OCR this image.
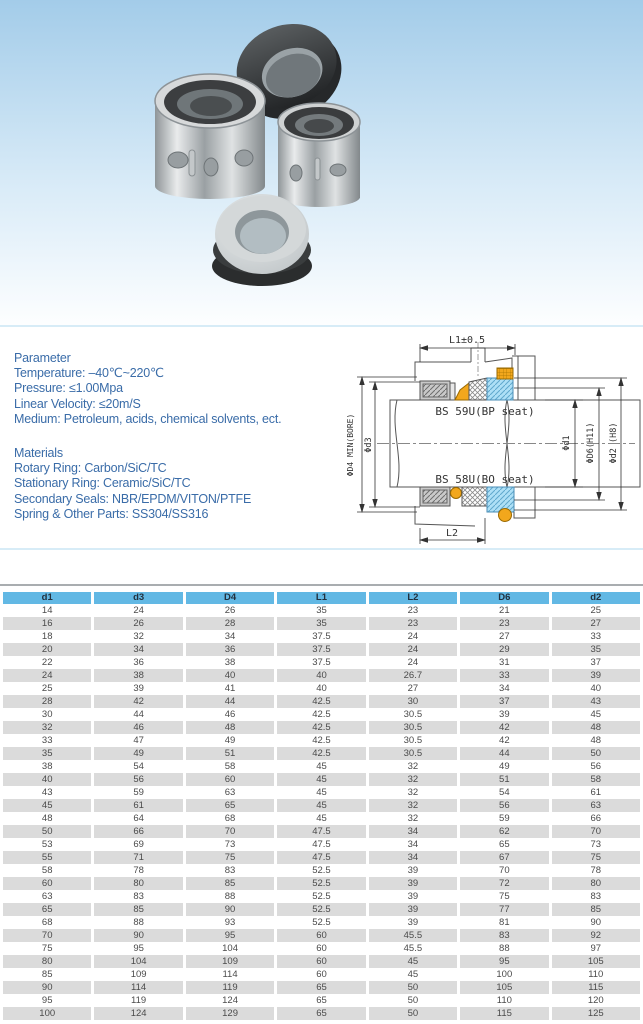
Parameter
Temperature: –40℃~220℃
Pressure: ≤1.00Mpa
Linear Velocity: ≤20m/S
Medium: Petroleum, acids, chemical solvents, ect.
Materials
Rotary Ring: Carbon/SiC/TC
Stationary Ring: Ceramic/SiC/TC
Secondary Seals: NBR/EPDM/VITON/PTFE
Spring & Other Parts: SS304/SS316
L1±0.5
L2
BS 59U(BP seat)
BS 58U(BO seat)
ΦD4 MIN(BORE) Φd3	Φd1 ΦD6(H11) Φd2 (H8)
d1	d3	D4	L1	L2	D6	d2
14	24	26	35	23	21	25
16	26	28	35	23	23	27
18	32	34	37.5	24	27	33
20	34	36	37.5	24	29	35
22	36	38	37.5	24	31	37
24	38	40	40	26.7	33	39
25	39	41	40	27	34	40
28	42	44	42.5	30	37	43
30	44	46	42.5	30.5	39	45
32	46	48	42.5	30.5	42	48
33	47	49	42.5	30.5	42	48
35	49	51	42.5	30.5	44	50
38	54	58	45	32	49	56
40	56	60	45	32	51	58
43	59	63	45	32	54	61
45	61	65	45	32	56	63
48	64	68	45	32	59	66
50	66	70	47.5	34	62	70
53	69	73	47.5	34	65	73
55	71	75	47.5	34	67	75
58	78	83	52.5	39	70	78
60	80	85	52.5	39	72	80
63	83	88	52.5	39	75	83
65	85	90	52.5	39	77	85
68	88	93	52.5	39	81	90
70	90	95	60	45.5	83	92
75	95	104	60	45.5	88	97
80	104	109	60	45	95	105
85	109	114	60	45	100	110
90	114	119	65	50	105	115
95	119	124	65	50	110	120
100	124	129	65	50	115	125
